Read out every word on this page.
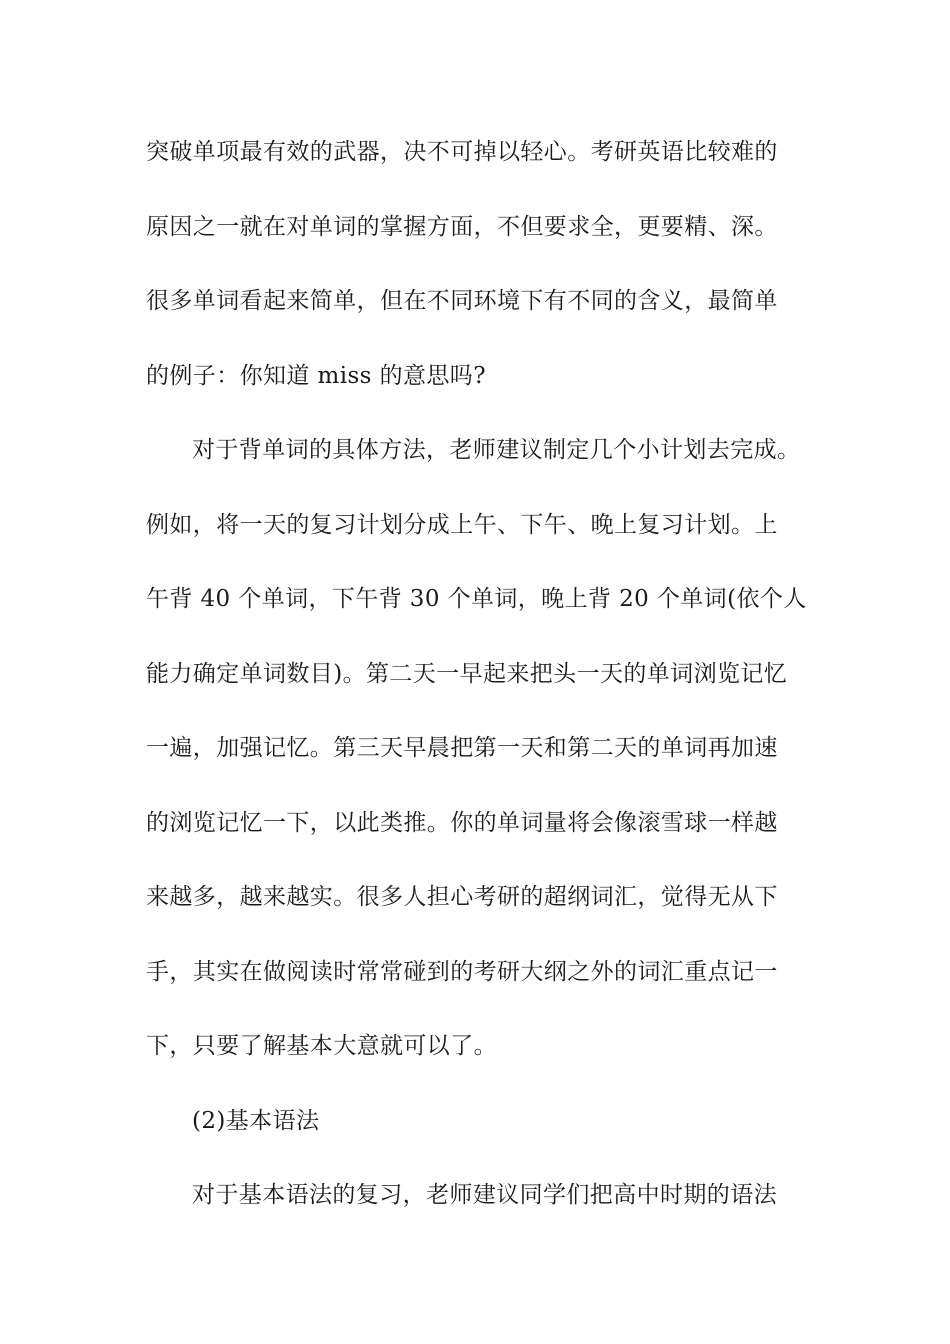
突破单项最有效的武器，决不可掉以轻心。考研英语比较难的
原因之一就在对单词的掌握方面，不但要求全，更要精、深。
很多单词看起来简单，但在不同环境下有不同的含义，最简单
的例子：你知道 miss 的意思吗?
对于背单词的具体方法，老师建议制定几个小计划去完成。
例如，将一天的复习计划分成上午、下午、晚上复习计划。上
午背 40 个单词，下午背 30 个单词，晚上背 20 个单词(依个人
能力确定单词数目)。第二天一早起来把头一天的单词浏览记忆
一遍，加强记忆。第三天早晨把第一天和第二天的单词再加速
的浏览记忆一下，以此类推。你的单词量将会像滚雪球一样越
来越多，越来越实。很多人担心考研的超纲词汇，觉得无从下
手，其实在做阅读时常常碰到的考研大纲之外的词汇重点记一
下，只要了解基本大意就可以了。
(2)基本语法
对于基本语法的复习，老师建议同学们把高中时期的语法
